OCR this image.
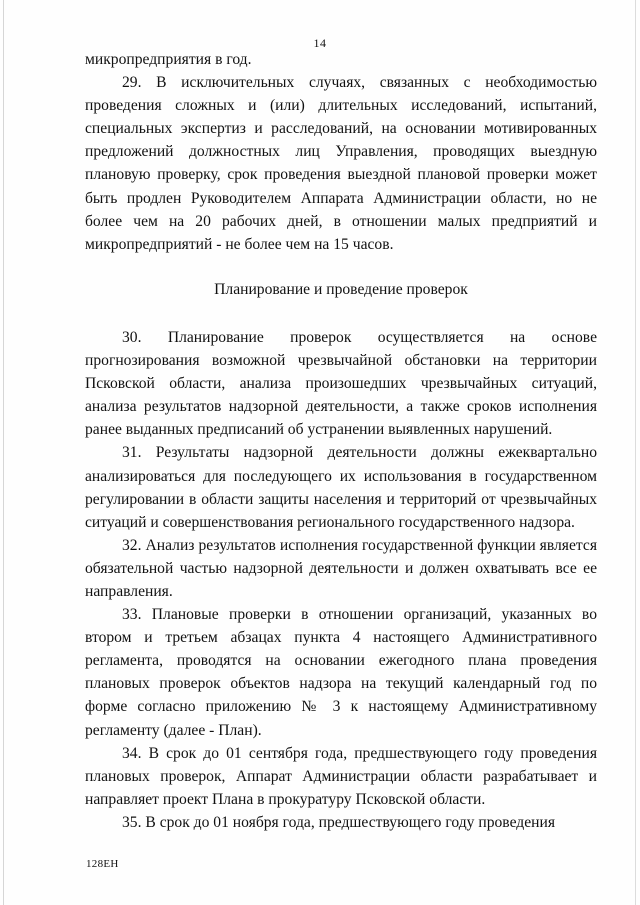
14

микропредприятия в год.

29. В исключительных случаях, связанных с необходимостью проведения сложных и (или) длительных исследований, испытаний, специальных экспертиз и расследований, на основании мотивированных предложений должностных лиц Управления, проводящих выездную плановую проверку, срок проведения выездной плановой проверки может быть продлен Руководителем Аппарата Администрации области, но не более чем на 20 рабочих дней, в отношении малых предприятий и микропредприятий - не более чем на 15 часов.

Планирование и проведение проверок

30. Планирование проверок осуществляется на основе прогнозирования возможной чрезвычайной обстановки на территории Псковской области, анализа произошедших чрезвычайных ситуаций, анализа результатов надзорной деятельности, а также сроков исполнения ранее выданных предписаний об устранении выявленных нарушений.

31. Результаты надзорной деятельности должны ежеквартально анализироваться для последующего их использования в государственном регулировании в области защиты населения и территорий от чрезвычайных ситуаций и совершенствования регионального государственного надзора.

32. Анализ результатов исполнения государственной функции является обязательной частью надзорной деятельности и должен охватывать все ее направления.

33. Плановые проверки в отношении организаций, указанных во втором и третьем абзацах пункта 4 настоящего Административного регламента, проводятся на основании ежегодного плана проведения плановых проверок объектов надзора на текущий календарный год по форме согласно приложению № 3 к настоящему Административному регламенту (далее - План).

34. В срок до 01 сентября года, предшествующего году проведения плановых проверок, Аппарат Администрации области разрабатывает и направляет проект Плана в прокуратуру Псковской области.

35. В срок до 01 ноября года, предшествующего году проведения

128ЕН
